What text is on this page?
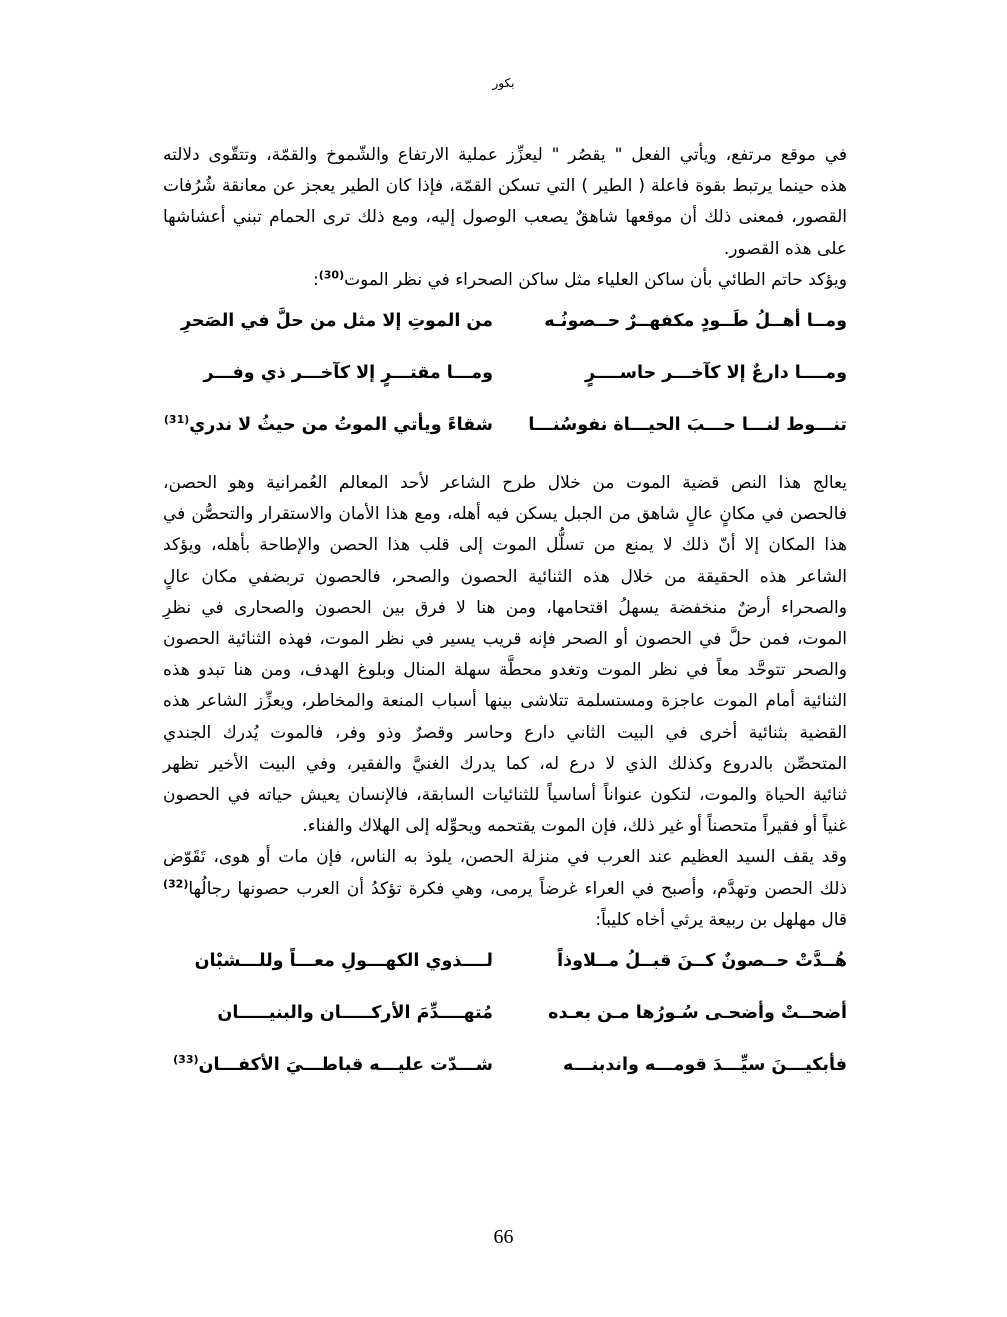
بكور
في موقع مرتفع، ويأتي الفعل " يقصُر " ليعزِّز عملية الارتفاع والشّموخ والقمّة، وتتقّوى دلالته
هذه حينما يرتبط بقوة فاعلة ( الطير ) التي تسكن القمّة، فإذا كان الطير يعجز عن معانقة شُرُفات
القصور، فمعنى ذلك أن موقعها شاهقٌ يصعب الوصول إليه، ومع ذلك ترى الحمام تبني أعشاشها
على هذه القصور.
ويؤكد حاتم الطائي بأن ساكن العلياء مثل ساكن الصحراء في نظر الموت$^{(30)}$:
ومــا أهــلُ طَــودٍ مكفهــرٌ حــصونُـه
من الموتِ إلا مثل من حلَّ في الصَحرِ
ومــــا دارعٌ إلا كآخـــر حاســــرٍ
ومـــا مقتـــرٍ إلا كآخـــر ذي وفـــر
تنـــوط لنـــا حـــبَ الحيـــاة نفوسُنـــا
شقاءً ويأتي الموتُ من حيثُ لا ندري$^{(31)}$
يعالج هذا النص قضية الموت من خلال طرح الشاعر لأحد المعالم العُمرانية وهو الحصن،
فالحصن في مكانٍ عالٍ شاهق من الجبل يسكن فيه أهله، ومع هذا الأمان والاستقرار والتحصُّن في
هذا المكان إلا أنّ ذلك لا يمنع من تسلُّل الموت إلى قلب هذا الحصن والإطاحة بأهله، ويؤكد
الشاعر هذه الحقيقة من خلال هذه الثنائية الحصون والصحر، فالحصون تربضفي مكان عالٍ
والصحراء أرضٌ منخفضة يسهلُ اقتحامها، ومن هنا لا فرق بين الحصون والصحارى في نظرِ
الموت، فمن حلَّ في الحصون أو الصحر فإنه قريب يسير في نظر الموت، فهذه الثنائية الحصون
والصحر تتوحَّد معاً في نظر الموت وتغدو محطَّة سهلة المنال وبلوغ الهدف، ومن هنا تبدو هذه
الثنائية أمام الموت عاجزة ومستسلمة تتلاشى بينها أسباب المنعة والمخاطر، ويعزِّز الشاعر هذه
القضية بثنائية أخرى في البيت الثاني دارع وحاسر وقصرٌ وذو وفر، فالموت يُدرك الجندي
المتحصِّن بالدروع وكذلك الذي لا درع له، كما يدرك الغنيَّ والفقير، وفي البيت الأخير تظهر
ثنائية الحياة والموت، لتكون عنواناً أساسياً للثنائيات السابقة، فالإنسان يعيش حياته في الحصون
غنياً أو فقيراً متحصناً أو غير ذلك، فإن الموت يقتحمه ويحوِّله إلى الهلاك والفناء.
وقد يقف السيد العظيم عند العرب في منزلة الحصن، يلوذ به الناس، فإن مات أو هوى، تَقَوّض
ذلك الحصن وتهدَّم، وأصبح في العراء غرضاً يرمى، وهي فكرة تؤكدُ أن العرب حصونها رجالُها$^{(32)}$
قال مهلهل بن ربيعة يرثي أخاه كليباً:
هُــدَّتْ حــصونٌ كــنَ قبــلُ مــلاوذاً
لــــذوي الكهـــولِ معـــاً وللـــشبْان
أضحــتْ وأضحـى سُـورُها مـن بعـده
مُتهــــدِّمَ الأركـــــان والبنيـــــان
فأبكيـــنَ سيِّـــدَ قومـــه واندبنـــه
شـــدّت عليـــه قباطـــيَ الأكفـــان$^{(33)}$
66
